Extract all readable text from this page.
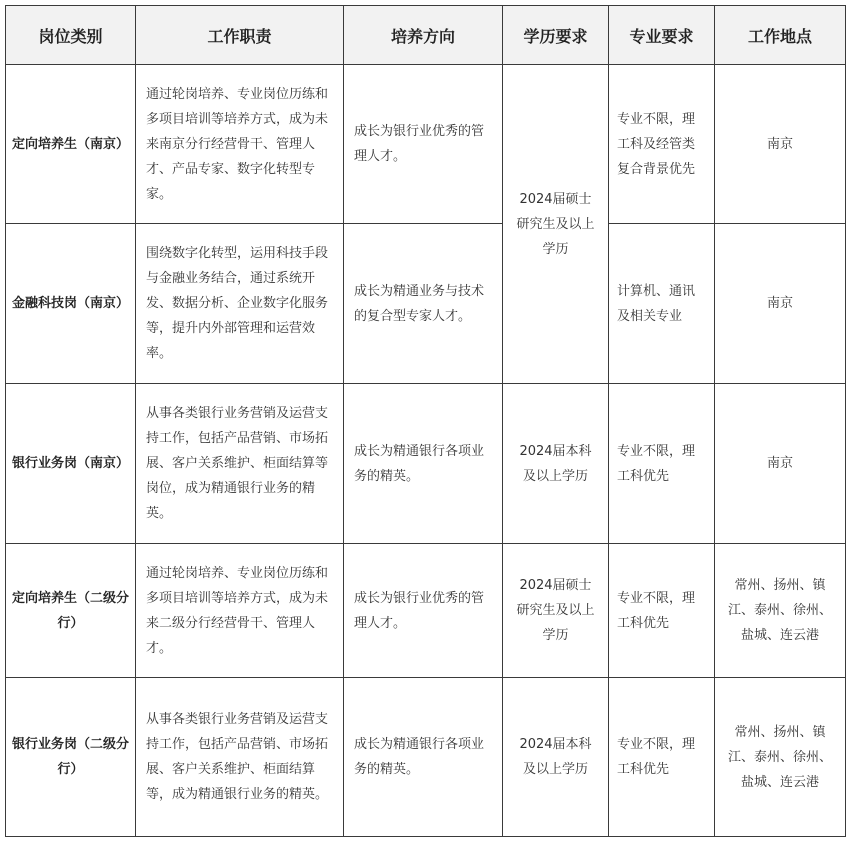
岗位类别	工作职责	培养方向	学历要求	专业要求	工作地点
定向培养生（南京）	通过轮岗培养、专业岗位历练和多项目培训等培养方式，成为未来南京分行经营骨干、管理人才、产品专家、数字化转型专家。	成长为银行业优秀的管理人才。	2024届硕士研究生及以上学历	专业不限，理工科及经管类复合背景优先	南京
金融科技岗（南京）	围绕数字化转型，运用科技手段与金融业务结合，通过系统开发、数据分析、企业数字化服务等，提升内外部管理和运营效率。	成长为精通业务与技术的复合型专家人才。		计算机、通讯及相关专业	南京
银行业务岗（南京）	从事各类银行业务营销及运营支持工作，包括产品营销、市场拓展、客户关系维护、柜面结算等岗位，成为精通银行业务的精英。	成长为精通银行各项业务的精英。	2024届本科及以上学历	专业不限，理工科优先	南京
定向培养生（二级分行）	通过轮岗培养、专业岗位历练和多项目培训等培养方式，成为未来二级分行经营骨干、管理人才。	成长为银行业优秀的管理人才。	2024届硕士研究生及以上学历	专业不限，理工科优先	常州、扬州、镇江、泰州、徐州、盐城、连云港
银行业务岗（二级分行）	从事各类银行业务营销及运营支持工作，包括产品营销、市场拓展、客户关系维护、柜面结算等，成为精通银行业务的精英。	成长为精通银行各项业务的精英。	2024届本科及以上学历	专业不限，理工科优先	常州、扬州、镇江、泰州、徐州、盐城、连云港
